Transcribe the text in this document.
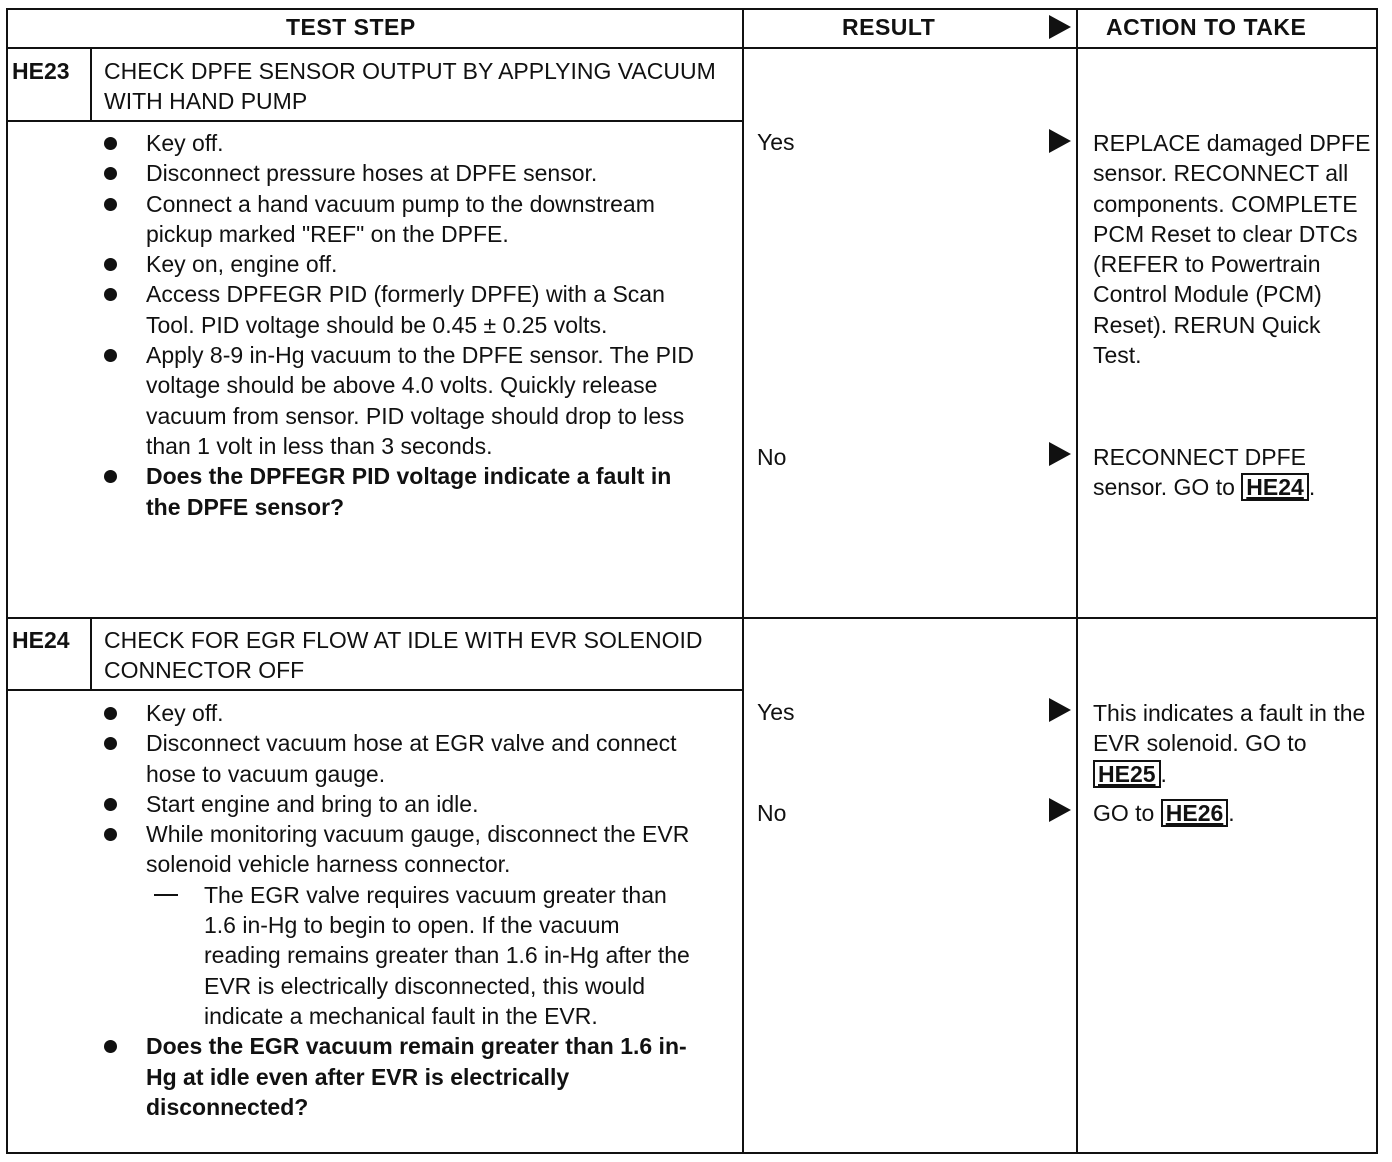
TEST STEP	RESULT	ACTION TO TAKE
HE23 CHECK DPFE SENSOR OUTPUT BY APPLYING VACUUM WITH HAND PUMP
Key off.
Disconnect pressure hoses at DPFE sensor.
Connect a hand vacuum pump to the downstream pickup marked "REF" on the DPFE.
Key on, engine off.
Access DPFEGR PID (formerly DPFE) with a Scan Tool. PID voltage should be 0.45 ± 0.25 volts.
Apply 8-9 in-Hg vacuum to the DPFE sensor. The PID voltage should be above 4.0 volts. Quickly release vacuum from sensor. PID voltage should drop to less than 1 volt in less than 3 seconds.
Does the DPFEGR PID voltage indicate a fault in the DPFE sensor?
Yes	REPLACE damaged DPFE sensor. RECONNECT all components. COMPLETE PCM Reset to clear DTCs (REFER to Powertrain Control Module (PCM) Reset). RERUN Quick Test.
No	RECONNECT DPFE sensor. GO to HE24 .
HE24 CHECK FOR EGR FLOW AT IDLE WITH EVR SOLENOID CONNECTOR OFF
Key off.
Disconnect vacuum hose at EGR valve and connect hose to vacuum gauge.
Start engine and bring to an idle.
While monitoring vacuum gauge, disconnect the EVR solenoid vehicle harness connector.
The EGR valve requires vacuum greater than 1.6 in-Hg to begin to open. If the vacuum reading remains greater than 1.6 in-Hg after the EVR is electrically disconnected, this would indicate a mechanical fault in the EVR.
Does the EGR vacuum remain greater than 1.6 in-Hg at idle even after EVR is electrically disconnected?
Yes	This indicates a fault in the EVR solenoid. GO to HE25 .
No	GO to HE26 .
